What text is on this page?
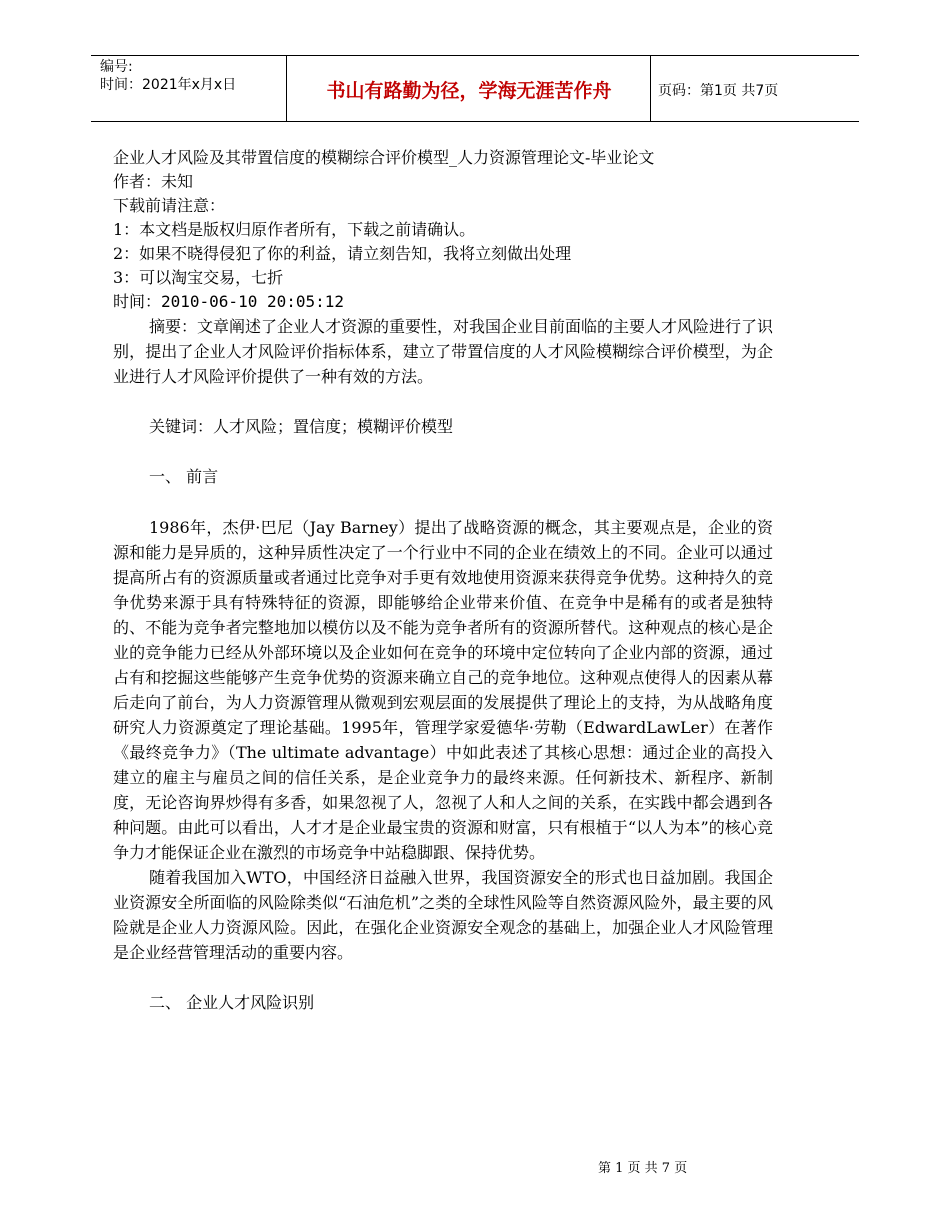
编号:
时间：2021年x月x日	书山有路勤为径，学海无涯苦作舟	页码：第1页 共7页
企业人才风险及其带置信度的模糊综合评价模型_人力资源管理论文-毕业论文
作者：未知
下载前请注意：
1：本文档是版权归原作者所有，下载之前请确认。
2：如果不晓得侵犯了你的利益，请立刻告知，我将立刻做出处理
3：可以淘宝交易，七折
时间：2010-06-10 20:05:12

摘要：文章阐述了企业人才资源的重要性，对我国企业目前面临的主要人才风险进行了识别，提出了企业人才风险评价指标体系，建立了带置信度的人才风险模糊综合评价模型，为企业进行人才风险评价提供了一种有效的方法。

关键词：人才风险；置信度；模糊评价模型
一、 前言

1986年，杰伊·巴尼（Jay Barney）提出了战略资源的概念，其主要观点是，企业的资源和能力是异质的，这种异质性决定了一个行业中不同的企业在绩效上的不同。企业可以通过提高所占有的资源质量或者通过比竞争对手更有效地使用资源来获得竞争优势。这种持久的竞争优势来源于具有特殊特征的资源，即能够给企业带来价值、在竞争中是稀有的或者是独特的、不能为竞争者完整地加以模仿以及不能为竞争者所有的资源所替代。这种观点的核心是企业的竞争能力已经从外部环境以及企业如何在竞争的环境中定位转向了企业内部的资源，通过占有和挖掘这些能够产生竞争优势的资源来确立自己的竞争地位。这种观点使得人的因素从幕后走向了前台，为人力资源管理从微观到宏观层面的发展提供了理论上的支持，为从战略角度研究人力资源奠定了理论基础。1995年，管理学家爱德华·劳勒（EdwardLawLer）在著作《最终竞争力》（The ultimate advantage）中如此表述了其核心思想：通过企业的高投入建立的雇主与雇员之间的信任关系，是企业竞争力的最终来源。任何新技术、新程序、新制度，无论咨询界炒得有多香，如果忽视了人，忽视了人和人之间的关系，在实践中都会遇到各种问题。由此可以看出，人才才是企业最宝贵的资源和财富，只有根植于“以人为本”的核心竞争力才能保证企业在激烈的市场竞争中站稳脚跟、保持优势。

随着我国加入WTO，中国经济日益融入世界，我国资源安全的形式也日益加剧。我国企业资源安全所面临的风险除类似“石油危机”之类的全球性风险等自然资源风险外，最主要的风险就是企业人力资源风险。因此，在强化企业资源安全观念的基础上，加强企业人才风险管理是企业经营管理活动的重要内容。

二、 企业人才风险识别
第 1 页 共 7 页
